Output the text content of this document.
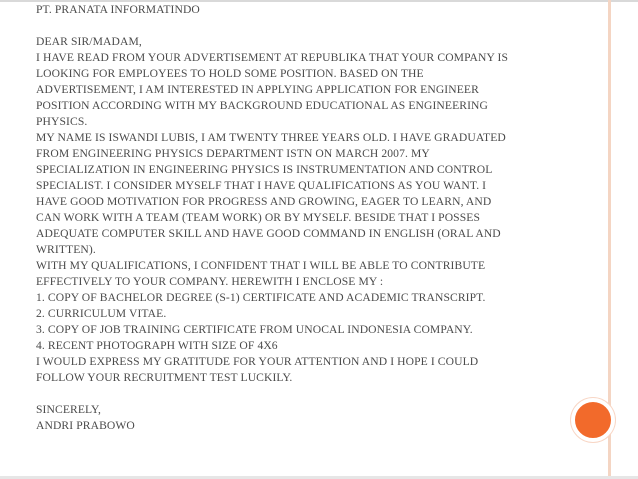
PT. PRANATA INFORMATINDO
DEAR SIR/MADAM,
I HAVE READ FROM YOUR ADVERTISEMENT AT REPUBLIKA THAT YOUR COMPANY IS
LOOKING FOR EMPLOYEES TO HOLD SOME POSITION. BASED ON THE
ADVERTISEMENT, I AM INTERESTED IN APPLYING APPLICATION FOR ENGINEER
POSITION ACCORDING WITH MY BACKGROUND EDUCATIONAL AS ENGINEERING
PHYSICS.
MY NAME IS ISWANDI LUBIS, I AM TWENTY THREE YEARS OLD. I HAVE GRADUATED
FROM ENGINEERING PHYSICS DEPARTMENT ISTN ON MARCH 2007. MY
SPECIALIZATION IN ENGINEERING PHYSICS IS INSTRUMENTATION AND CONTROL
SPECIALIST. I CONSIDER MYSELF THAT I HAVE QUALIFICATIONS AS YOU WANT. I
HAVE GOOD MOTIVATION FOR PROGRESS AND GROWING, EAGER TO LEARN, AND
CAN WORK WITH A TEAM (TEAM WORK) OR BY MYSELF. BESIDE THAT I POSSES
ADEQUATE COMPUTER SKILL AND HAVE GOOD COMMAND IN ENGLISH (ORAL AND
WRITTEN).
WITH MY QUALIFICATIONS, I CONFIDENT THAT I WILL BE ABLE TO CONTRIBUTE
EFFECTIVELY TO YOUR COMPANY. HEREWITH I ENCLOSE MY :
1. COPY OF BACHELOR DEGREE (S-1) CERTIFICATE AND ACADEMIC TRANSCRIPT.
2. CURRICULUM VITAE.
3. COPY OF JOB TRAINING CERTIFICATE FROM UNOCAL INDONESIA COMPANY.
4. RECENT PHOTOGRAPH WITH SIZE OF 4X6
I WOULD EXPRESS MY GRATITUDE FOR YOUR ATTENTION AND I HOPE I COULD
FOLLOW YOUR RECRUITMENT TEST LUCKILY.
SINCERELY,
ANDRI PRABOWO
